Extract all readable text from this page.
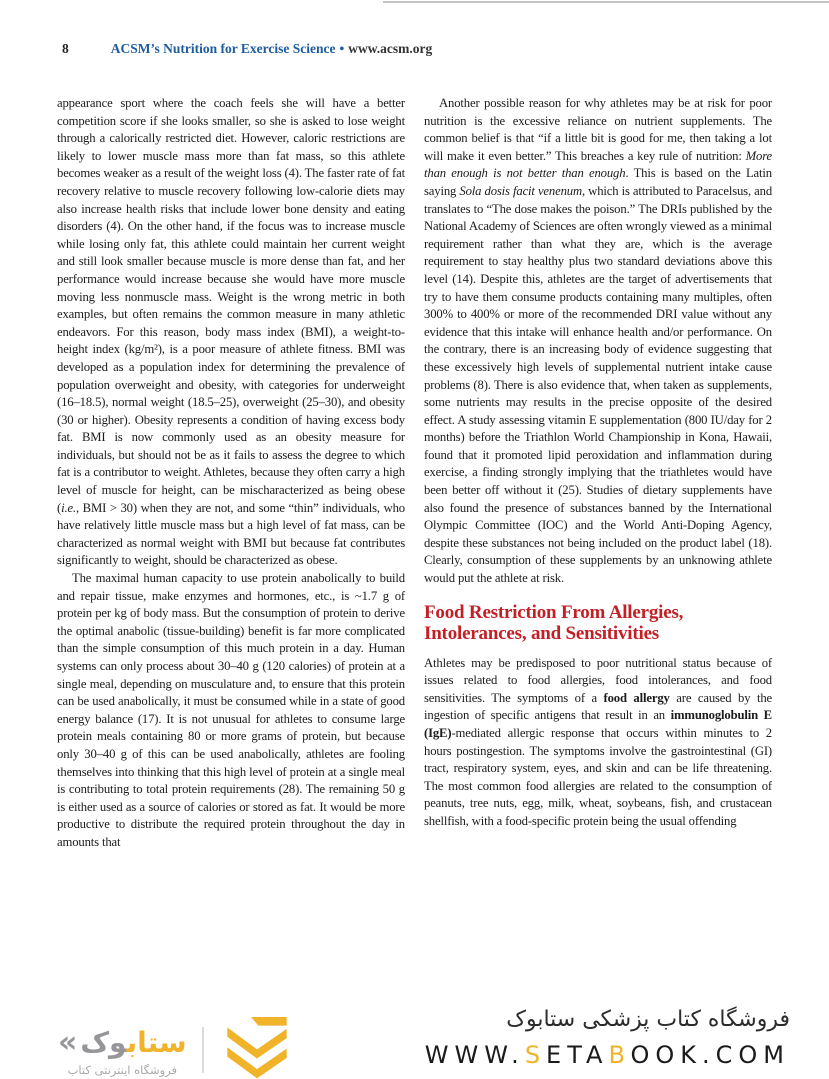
8	ACSM’s Nutrition for Exercise Science • www.acsm.org

appearance sport where the coach feels she will have a better competition score if she looks smaller, so she is asked to lose weight through a calorically restricted diet. However, caloric restrictions are likely to lower muscle mass more than fat mass, so this athlete becomes weaker as a result of the weight loss (4). The faster rate of fat recovery relative to muscle recovery following low-calorie diets may also increase health risks that include lower bone density and eating disorders (4). On the other hand, if the focus was to increase muscle while losing only fat, this athlete could maintain her current weight and still look smaller because muscle is more dense than fat, and her performance would increase because she would have more muscle moving less nonmuscle mass. Weight is the wrong metric in both examples, but often remains the common measure in many athletic endeavors. For this reason, body mass index (BMI), a weight-to-height index (kg/m²), is a poor measure of athlete fitness. BMI was developed as a population index for determining the prevalence of population overweight and obesity, with categories for underweight (16–18.5), normal weight (18.5–25), overweight (25–30), and obesity (30 or higher). Obesity represents a condition of having excess body fat. BMI is now commonly used as an obesity measure for individuals, but should not be as it fails to assess the degree to which fat is a contributor to weight. Athletes, because they often carry a high level of muscle for height, can be mischaracterized as being obese (i.e., BMI > 30) when they are not, and some “thin” individuals, who have relatively little muscle mass but a high level of fat mass, can be characterized as normal weight with BMI but because fat contributes significantly to weight, should be characterized as obese.

The maximal human capacity to use protein anabolically to build and repair tissue, make enzymes and hormones, etc., is ~1.7 g of protein per kg of body mass. But the consumption of protein to derive the optimal anabolic (tissue-building) benefit is far more complicated than the simple consumption of this much protein in a day. Human systems can only process about 30–40 g (120 calories) of protein at a single meal, depending on musculature and, to ensure that this protein can be used anabolically, it must be consumed while in a state of good energy balance (17). It is not unusual for athletes to consume large protein meals containing 80 or more grams of protein, but because only 30–40 g of this can be used anabolically, athletes are fooling themselves into thinking that this high level of protein at a single meal is contributing to total protein requirements (28). The remaining 50 g is either used as a source of calories or stored as fat. It would be more productive to distribute the required protein throughout the day in amounts that

Another possible reason for why athletes may be at risk for poor nutrition is the excessive reliance on nutrient supplements. The common belief is that “if a little bit is good for me, then taking a lot will make it even better.” This breaches a key rule of nutrition: More than enough is not better than enough. This is based on the Latin saying Sola dosis facit venenum, which is attributed to Paracelsus, and translates to “The dose makes the poison.” The DRIs published by the National Academy of Sciences are often wrongly viewed as a minimal requirement rather than what they are, which is the average requirement to stay healthy plus two standard deviations above this level (14). Despite this, athletes are the target of advertisements that try to have them consume products containing many multiples, often 300% to 400% or more of the recommended DRI value without any evidence that this intake will enhance health and/or performance. On the contrary, there is an increasing body of evidence suggesting that these excessively high levels of supplemental nutrient intake cause problems (8). There is also evidence that, when taken as supplements, some nutrients may results in the precise opposite of the desired effect. A study assessing vitamin E supplementation (800 IU/day for 2 months) before the Triathlon World Championship in Kona, Hawaii, found that it promoted lipid peroxidation and inflammation during exercise, a finding strongly implying that the triathletes would have been better off without it (25). Studies of dietary supplements have also found the presence of substances banned by the International Olympic Committee (IOC) and the World Anti-Doping Agency, despite these substances not being included on the product label (18). Clearly, consumption of these supplements by an unknowing athlete would put the athlete at risk.

Food Restriction From Allergies, Intolerances, and Sensitivities

Athletes may be predisposed to poor nutritional status because of issues related to food allergies, food intolerances, and food sensitivities. The symptoms of a food allergy are caused by the ingestion of specific antigens that result in an immunoglobulin E (IgE)-mediated allergic response that occurs within minutes to 2 hours postingestion. The symptoms involve the gastrointestinal (GI) tract, respiratory system, eyes, and skin and can be life threatening. The most common food allergies are related to the consumption of peanuts, tree nuts, egg, milk, wheat, soybeans, fish, and crustacean shellfish, with a food-specific protein being the usual offending

«	ستابوک
فروشگاه اینترنتی کتاب
فروشگاه کتاب پزشکی ستابوک
WWW.SETABOOK.COM
